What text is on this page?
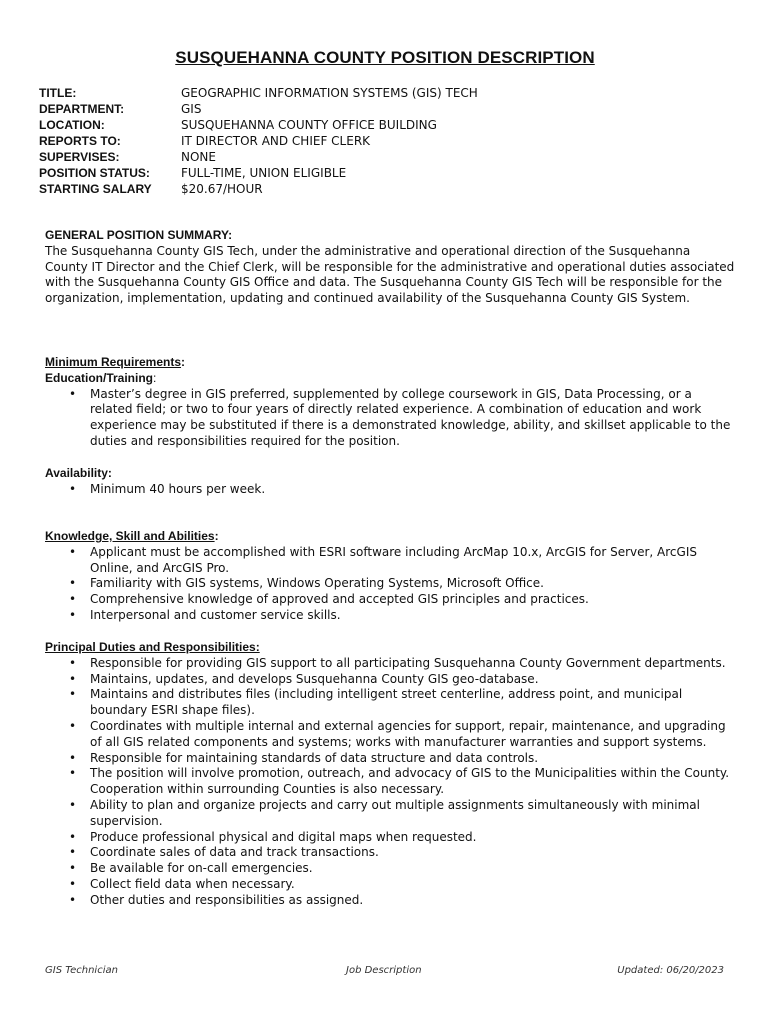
SUSQUEHANNA COUNTY POSITION DESCRIPTION
TITLE:	GEOGRAPHIC INFORMATION SYSTEMS (GIS) TECH
DEPARTMENT:	GIS
LOCATION:	SUSQUEHANNA COUNTY OFFICE BUILDING
REPORTS TO:	IT DIRECTOR AND CHIEF CLERK
SUPERVISES:	NONE
POSITION STATUS:	FULL-TIME, UNION ELIGIBLE
STARTING SALARY	$20.67/HOUR
GENERAL POSITION SUMMARY:

The Susquehanna County GIS Tech, under the administrative and operational direction of the Susquehanna County IT Director and the Chief Clerk, will be responsible for the administrative and operational duties associated with the Susquehanna County GIS Office and data. The Susquehanna County GIS Tech will be responsible for the organization, implementation, updating and continued availability of the Susquehanna County GIS System.

Minimum Requirements:
Education/Training:
• Master’s degree in GIS preferred, supplemented by college coursework in GIS, Data Processing, or a related field; or two to four years of directly related experience. A combination of education and work experience may be substituted if there is a demonstrated knowledge, ability, and skillset applicable to the duties and responsibilities required for the position.
Availability:
• Minimum 40 hours per week.
Knowledge, Skill and Abilities:
• Applicant must be accomplished with ESRI software including ArcMap 10.x, ArcGIS for Server, ArcGIS Online, and ArcGIS Pro.
• Familiarity with GIS systems, Windows Operating Systems, Microsoft Office.
• Comprehensive knowledge of approved and accepted GIS principles and practices.
• Interpersonal and customer service skills.
Principal Duties and Responsibilities:
• Responsible for providing GIS support to all participating Susquehanna County Government departments.
• Maintains, updates, and develops Susquehanna County GIS geo-database.
• Maintains and distributes files (including intelligent street centerline, address point, and municipal boundary ESRI shape files).
• Coordinates with multiple internal and external agencies for support, repair, maintenance, and upgrading of all GIS related components and systems; works with manufacturer warranties and support systems.
• Responsible for maintaining standards of data structure and data controls.
• The position will involve promotion, outreach, and advocacy of GIS to the Municipalities within the County. Cooperation within surrounding Counties is also necessary.
• Ability to plan and organize projects and carry out multiple assignments simultaneously with minimal supervision.
• Produce professional physical and digital maps when requested.
• Coordinate sales of data and track transactions.
• Be available for on-call emergencies.
• Collect field data when necessary.
• Other duties and responsibilities as assigned.
GIS Technician	Job Description	Updated: 06/20/2023
